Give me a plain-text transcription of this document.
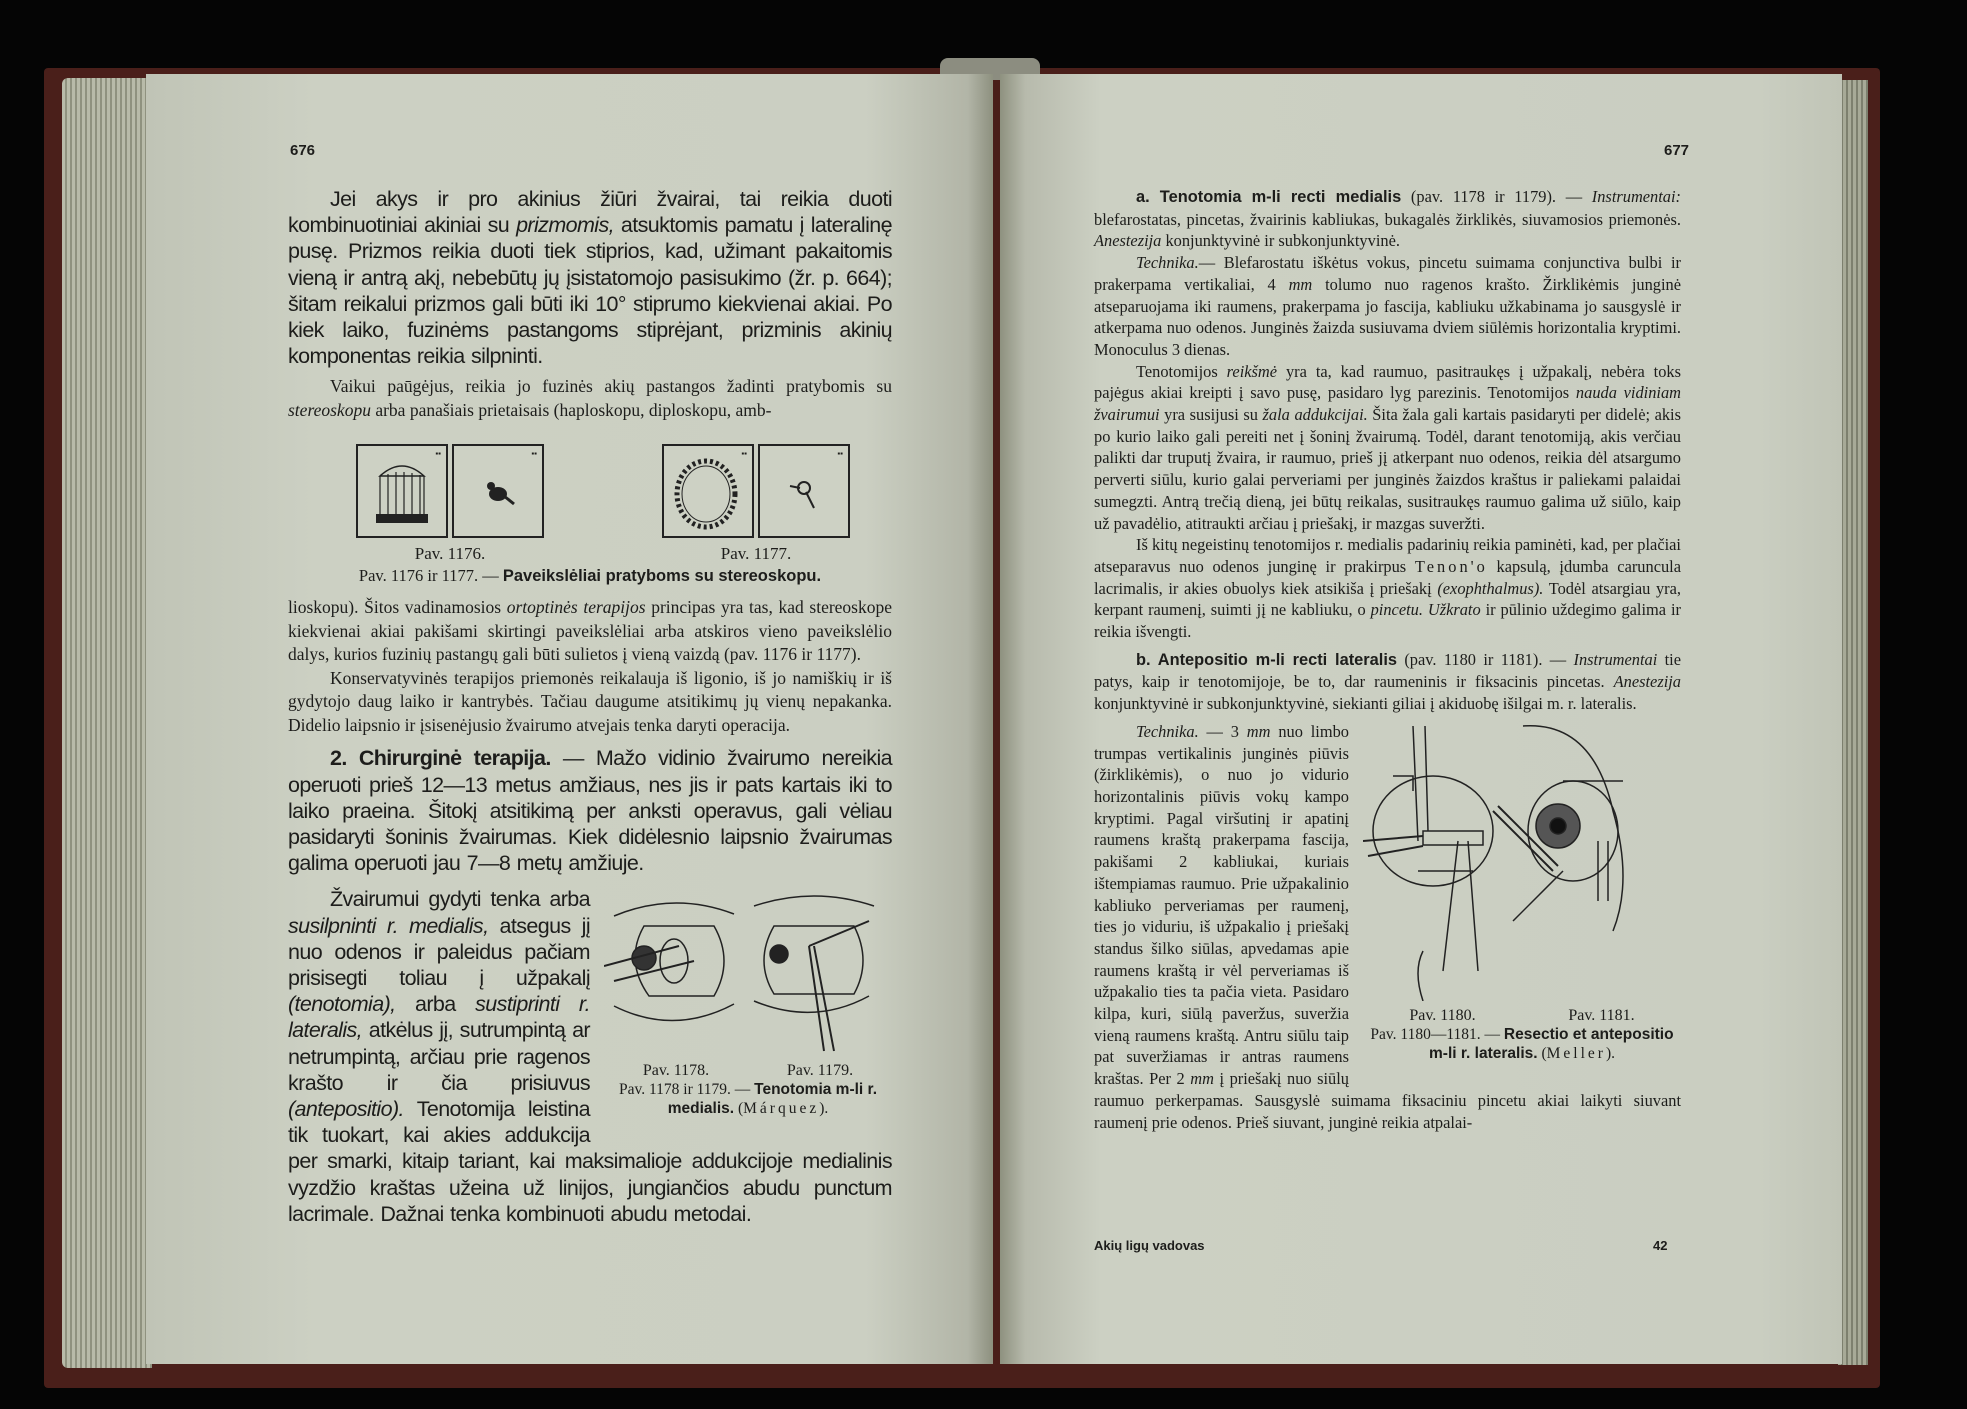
676

Jei akys ir pro akinius žiūri žvairai, tai reikia duoti kombinuotiniai akiniai su prizmomis, atsuktomis pamatu į lateralinę pusę. Prizmos reikia duoti tiek stiprios, kad, užimant pakaitomis vieną ir antrą akį, nebebūtų jų įsistatomojo pasisukimo (žr. p. 664); šitam reikalui prizmos gali būti iki 10° stiprumo kiekvienai akiai. Po kiek laiko, fuzinėms pastangoms stiprėjant, prizminis akinių komponentas reikia silpninti.

Vaikui paūgėjus, reikia jo fuzinės akių pastangos žadinti pratybomis su stereoskopu arba panašiais prietaisais (haploskopu, diploskopu, amb-

▪▪	▪▪
Pav. 1176.
▪▪	▪▪
Pav. 1177.
Pav. 1176 ir 1177. — Paveikslėliai pratyboms su stereoskopu.

lioskopu). Šitos vadinamosios ortoptinės terapijos principas yra tas, kad stereoskope kiekvienai akiai pakišami skirtingi paveikslėliai arba atskiros vieno paveikslėlio dalys, kurios fuzinių pastangų gali būti sulietos į vieną vaizdą (pav. 1176 ir 1177).

Konservatyvinės terapijos priemonės reikalauja iš ligonio, iš jo namiškių ir iš gydytojo daug laiko ir kantrybės. Tačiau daugume atsitikimų jų vienų nepakanka. Didelio laipsnio ir įsisenėjusio žvairumo atvejais tenka daryti operacija.

2. Chirurginė terapija. — Mažo vidinio žvairumo nereikia operuoti prieš 12—13 metus amžiaus, nes jis ir pats kartais iki to laiko praeina. Šitokį atsitikimą per anksti operavus, gali vėliau pasidaryti šoninis žvairumas. Kiek didėlesnio laipsnio žvairumas galima operuoti jau 7—8 metų amžiuje.

Pav. 1178.	Pav. 1179.
Pav. 1178 ir 1179. — Tenotomia m-li r. medialis. (Márquez).

Žvairumui gydyti tenka arba susilpninti r. medialis, atsegus jį nuo odenos ir paleidus pačiam prisisegti toliau į užpakalį (tenotomia), arba sustiprinti r. lateralis, atkėlus jį, sutrumpintą ar netrumpintą, arčiau prie ragenos krašto ir čia prisiuvus (antepositio). Tenotomija leistina tik tuokart, kai akies addukcija per smarki, kitaip tariant, kai maksimalioje addukcijoje medialinis vyzdžio kraštas užeina už linijos, jungiančios abudu punctum lacrimale. Dažnai tenka kombinuoti abudu metodai.

677

a. Tenotomia m-li recti medialis (pav. 1178 ir 1179). — Instrumentai: blefarostatas, pincetas, žvairinis kabliukas, bukagalės žirklikės, siuvamosios priemonės. Anestezija konjunktyvinė ir subkonjunktyvinė.

Technika.— Blefarostatu iškėtus vokus, pincetu suimama conjunctiva bulbi ir prakerpama vertikaliai, 4 mm tolumo nuo ragenos krašto. Žirklikėmis junginė atseparuojama iki raumens, prakerpama jo fascija, kabliuku užkabinama jo sausgyslė ir atkerpama nuo odenos. Junginės žaizda susiuvama dviem siūlėmis horizontalia kryptimi. Monoculus 3 dienas.

Tenotomijos reikšmė yra ta, kad raumuo, pasitraukęs į užpakalį, nebėra toks pajėgus akiai kreipti į savo pusę, pasidaro lyg parezinis. Tenotomijos nauda vidiniam žvairumui yra susijusi su žala addukcijai. Šita žala gali kartais pasidaryti per didelė; akis po kurio laiko gali pereiti net į šoninį žvairumą. Todėl, darant tenotomiją, akis verčiau palikti dar truputį žvaira, ir raumuo, prieš jį atkerpant nuo odenos, reikia dėl atsargumo perverti siūlu, kurio galai perveriami per junginės žaizdos kraštus ir paliekami palaidai sumegzti. Antrą trečią dieną, jei būtų reikalas, susitraukęs raumuo galima už siūlo, kaip už pavadėlio, atitraukti arčiau į priešakį, ir mazgas suveržti.

Iš kitų negeistinų tenotomijos r. medialis padarinių reikia paminėti, kad, per plačiai atseparavus nuo odenos junginę ir prakirpus Tenon'o kapsulą, įdumba caruncula lacrimalis, ir akies obuolys kiek atsikiša į priešakį (exophthalmus). Todėl atsargiau yra, kerpant raumenį, suimti jį ne kabliuku, o pincetu. Užkrato ir pūlinio uždegimo galima ir reikia išvengti.

b. Antepositio m-li recti lateralis (pav. 1180 ir 1181). — Instrumentai tie patys, kaip ir tenotomijoje, be to, dar raumeninis ir fiksacinis pincetas. Anestezija konjunktyvinė ir subkonjunktyvinė, siekianti giliai į akiduobę išilgai m. r. lateralis.

Pav. 1180.	Pav. 1181.
Pav. 1180—1181. — Resectio et antepositio m-li r. lateralis. (Meller).

Technika. — 3 mm nuo limbo trumpas vertikalinis junginės piūvis (žirklikėmis), o nuo jo vidurio horizontalinis piūvis vokų kampo kryptimi. Pagal viršutinį ir apatinį raumens kraštą prakerpama fascija, pakišami 2 kabliukai, kuriais ištempiamas raumuo. Prie užpakalinio kabliuko perveriamas per raumenį, ties jo viduriu, iš užpakalio į priešakį standus šilko siūlas, apvedamas apie raumens kraštą ir vėl perveriamas iš užpakalio ties ta pačia vieta. Pasidaro kilpa, kuri, siūlą paveržus, suveržia vieną raumens kraštą. Antru siūlu taip pat suveržiamas ir antras raumens kraštas. Per 2 mm į priešakį nuo siūlų raumuo perkerpamas. Sausgyslė suimama fiksaciniu pincetu akiai laikyti siuvant raumenį prie odenos. Prieš siuvant, junginė reikia atpalai-

Akių ligų vadovas	42
